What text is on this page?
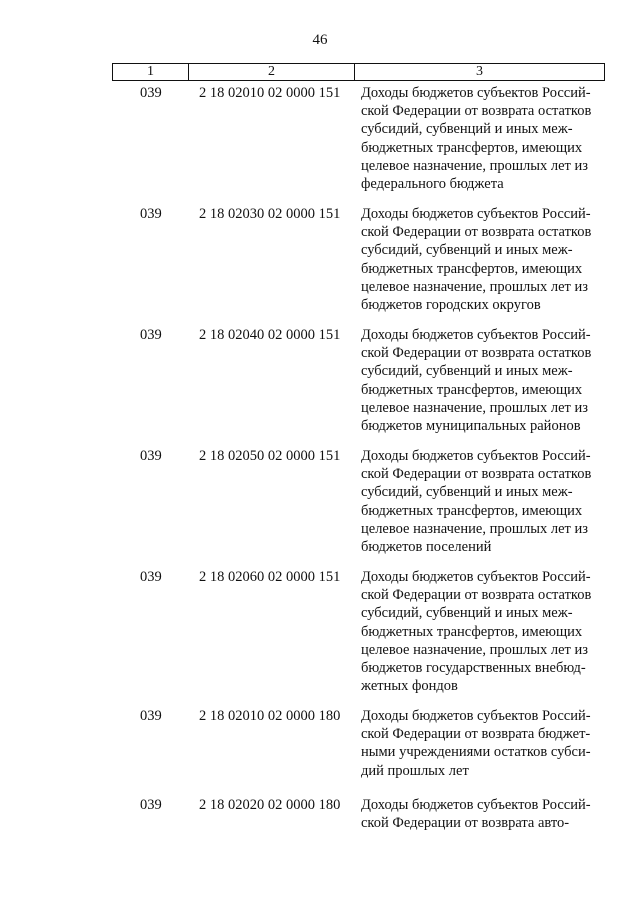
46
1	2	3
039	2 18 02010 02 0000 151	Доходы бюджетов субъектов Россий-
ской Федерации от возврата остатков
субсидий, субвенций и иных меж-
бюджетных трансфертов, имеющих
целевое назначение, прошлых лет из
федерального бюджета
039	2 18 02030 02 0000 151	Доходы бюджетов субъектов Россий-
ской Федерации от возврата остатков
субсидий, субвенций и иных меж-
бюджетных трансфертов, имеющих
целевое назначение, прошлых лет из
бюджетов городских округов
039	2 18 02040 02 0000 151	Доходы бюджетов субъектов Россий-
ской Федерации от возврата остатков
субсидий, субвенций и иных меж-
бюджетных трансфертов, имеющих
целевое назначение, прошлых лет из
бюджетов муниципальных районов
039	2 18 02050 02 0000 151	Доходы бюджетов субъектов Россий-
ской Федерации от возврата остатков
субсидий, субвенций и иных меж-
бюджетных трансфертов, имеющих
целевое назначение, прошлых лет из
бюджетов поселений
039	2 18 02060 02 0000 151	Доходы бюджетов субъектов Россий-
ской Федерации от возврата остатков
субсидий, субвенций и иных меж-
бюджетных трансфертов, имеющих
целевое назначение, прошлых лет из
бюджетов государственных внебюд-
жетных фондов
039	2 18 02010 02 0000 180	Доходы бюджетов субъектов Россий-
ской Федерации от возврата бюджет-
ными учреждениями остатков субси-
дий прошлых лет
039	2 18 02020 02 0000 180	Доходы бюджетов субъектов Россий-
ской Федерации от возврата авто-
